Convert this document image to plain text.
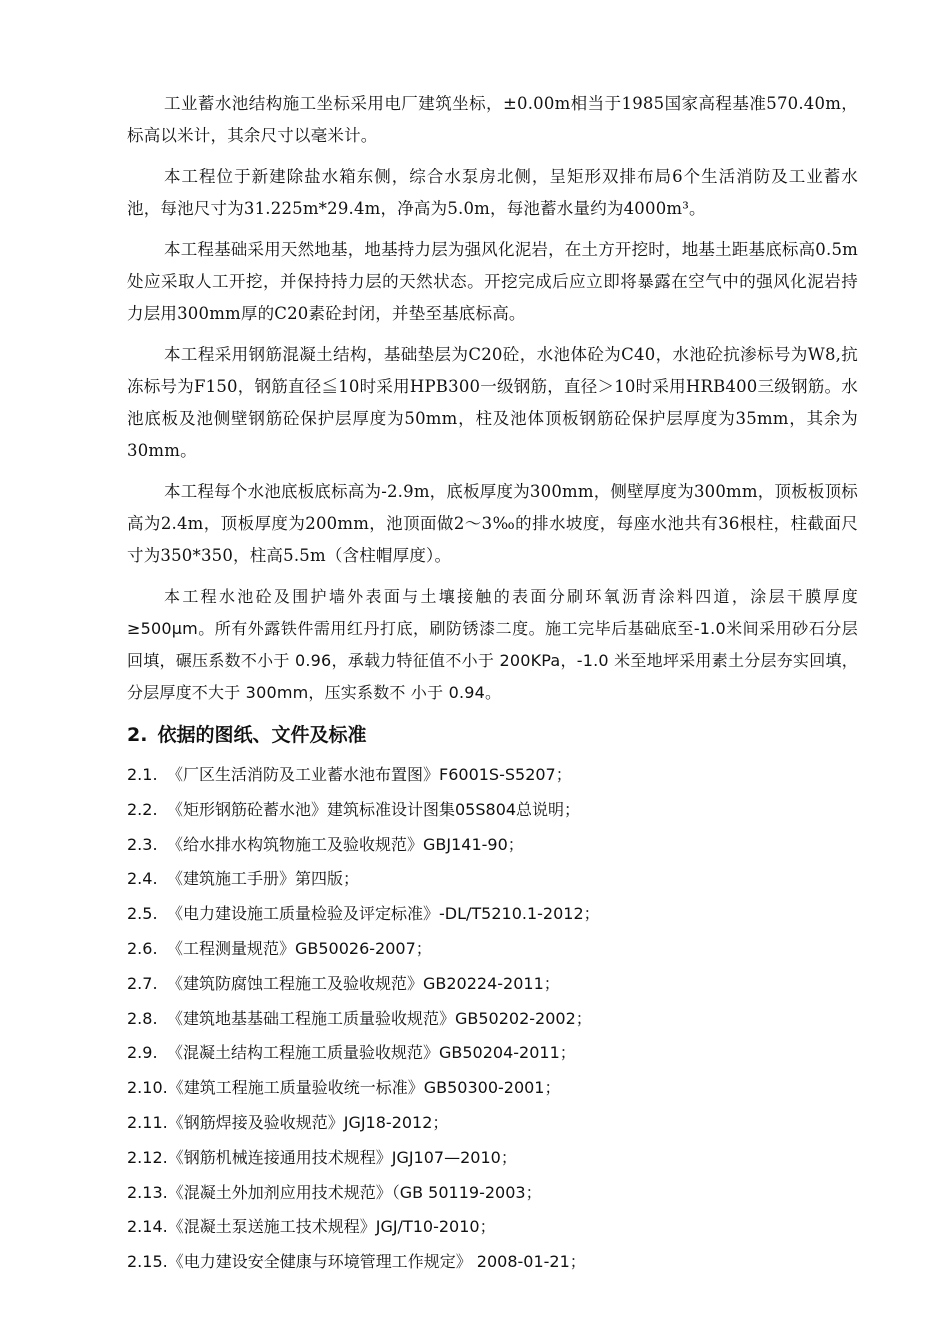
工业蓄水池结构施工坐标采用电厂建筑坐标，±0.00m相当于1985国家高程基准570.40m，标高以米计，其余尺寸以毫米计。

本工程位于新建除盐水箱东侧，综合水泵房北侧，呈矩形双排布局6个生活消防及工业蓄水池，每池尺寸为31.225m*29.4m，净高为5.0m，每池蓄水量约为4000m³。

本工程基础采用天然地基，地基持力层为强风化泥岩，在土方开挖时，地基土距基底标高0.5m处应采取人工开挖，并保持持力层的天然状态。开挖完成后应立即将暴露在空气中的强风化泥岩持力层用300mm厚的C20素砼封闭，并垫至基底标高。

本工程采用钢筋混凝土结构，基础垫层为C20砼，水池体砼为C40，水池砼抗渗标号为W8,抗冻标号为F150，钢筋直径≦10时采用HPB300一级钢筋，直径＞10时采用HRB400三级钢筋。水池底板及池侧壁钢筋砼保护层厚度为50mm，柱及池体顶板钢筋砼保护层厚度为35mm，其余为30mm。

本工程每个水池底板底标高为-2.9m，底板厚度为300mm，侧壁厚度为300mm，顶板板顶标高为2.4m，顶板厚度为200mm，池顶面做2～3‰的排水坡度，每座水池共有36根柱，柱截面尺寸为350*350，柱高5.5m（含柱帽厚度）。

本工程水池砼及围护墙外表面与土壤接触的表面分刷环氧沥青涂料四道，涂层干膜厚度≥500μm。所有外露铁件需用红丹打底，刷防锈漆二度。施工完毕后基础底至-1.0米间采用砂石分层回填，碾压系数不小于 0.96，承载力特征值不小于 200KPa，-1.0 米至地坪采用素土分层夯实回填，分层厚度不大于 300mm，压实系数不 小于 0.94。

2. 依据的图纸、文件及标准
2.1. 《厂区生活消防及工业蓄水池布置图》F6001S-S5207；
2.2. 《矩形钢筋砼蓄水池》建筑标准设计图集05S804总说明；
2.3. 《给水排水构筑物施工及验收规范》GBJ141-90；
2.4. 《建筑施工手册》第四版；
2.5. 《电力建设施工质量检验及评定标准》-DL/T5210.1-2012；
2.6. 《工程测量规范》GB50026-2007；
2.7. 《建筑防腐蚀工程施工及验收规范》GB20224-2011；
2.8. 《建筑地基基础工程施工质量验收规范》GB50202-2002；
2.9. 《混凝土结构工程施工质量验收规范》GB50204-2011；
2.10.《建筑工程施工质量验收统一标准》GB50300-2001；
2.11.《钢筋焊接及验收规范》JGJ18-2012；
2.12.《钢筋机械连接通用技术规程》JGJ107—2010；
2.13.《混凝土外加剂应用技术规范》（GB 50119-2003；
2.14.《混凝土泵送施工技术规程》JGJ/T10-2010；
2.15.《电力建设安全健康与环境管理工作规定》 2008-01-21；
